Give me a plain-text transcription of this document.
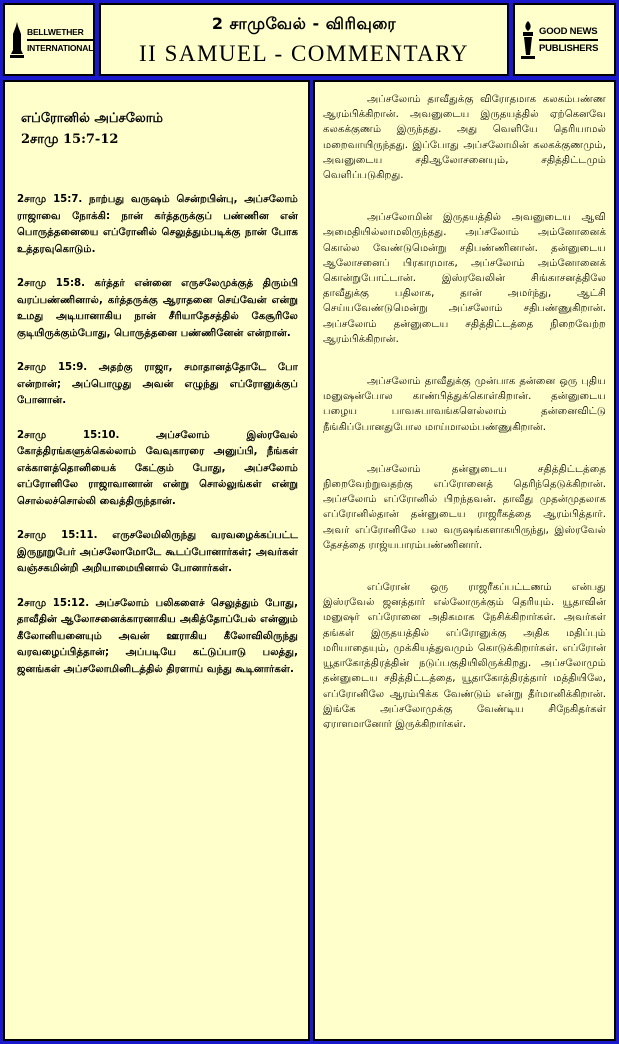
BELLWETHER
INTERNATIONAL
2 சாமுவேல் - விரிவுரை
II SAMUEL - COMMENTARY
GOOD NEWS
PUBLISHERS
எப்ரோனில் அப்சலோம்
2சாமு 15:7-12

2சாமு 15:7. நாற்பது வருஷம் சென்றபின்பு, அப்சலோம் ராஜாவை நோக்கி: நான் கர்த்தருக்குப் பண்ணின என் பொருத்தனையை எப்ரோனில் செலுத்தும்படிக்கு நான் போக உத்தரவுகொடும்.

2சாமு 15:8. கர்த்தர் என்னை எருசலேமுக்குத் திரும்பி வரப்பண்ணினால், கர்த்தருக்கு ஆராதனை செய்வேன் என்று உமது அடியானாகிய நான் சீரியாதேசத்தில் கேசூரிலே குடியிருக்கும்போது, பொருத்தனை பண்ணினேன் என்றான்.

2சாமு 15:9. அதற்கு ராஜா, சமாதானத்தோடே போ என்றான்; அப்பொழுது அவன் எழுந்து எப்ரோனுக்குப் போனான்.

2சாமு 15:10. அப்சலோம் இஸ்ரவேல் கோத்திரங்களுக்கெல்லாம் வேவுகாரரை அனுப்பி, நீங்கள் எக்காளத்தொனியைக் கேட்கும் போது, அப்சலோம் எப்ரோனிலே ராஜாவானான் என்று சொல்லுங்கள் என்று சொல்லச்சொல்லி வைத்திருந்தான்.

2சாமு 15:11. எருசலேமிலிருந்து வரவழைக்கப்பட்ட இருநூறுபேர் அப்சலோமோடே கூடப்போனார்கள்; அவர்கள் வஞ்சகமின்றி அறியாமையினால் போனார்கள்.

2சாமு 15:12. அப்சலோம் பலிகளைச் செலுத்தும் போது, தாவீதின் ஆலோசனைக்காரனாகிய அகித்தோப்பேல் என்னும் கீலோனியனையும் அவன் ஊராகிய கீலோவிலிருந்து வரவழைப்பித்தான்; அப்படியே கட்டுப்பாடு பலத்து, ஜனங்கள் அப்சலோமினிடத்தில் திரளாய் வந்து கூடினார்கள்.

அப்சலோம் தாவீதுக்கு விரோதமாக கலகம்பண்ண ஆரம்பிக்கிறான். அவனுடைய இருதயத்தில் ஏற்கெனவே கலகக்குணம் இருந்தது. அது வெளியே தெரியாமல் மறைவாயிருந்தது. இப்போது அப்சலோமின் கலகக்குணமும், அவனுடைய சதிஆலோசனையும், சதித்திட்டமும் வெளிப்படுகிறது.

அப்சலோமின் இருதயத்தில் அவனுடைய ஆவி அமைதியில்லாமலிருந்தது. அப்சலோம் அம்னோனைக் கொல்ல வேண்டுமென்று சதிபண்ணினான். தன்னுடைய ஆலோசனைப் பிரகாரமாக, அப்சலோம் அம்னோனைக் கொன்றுபோட்டான். இஸ்ரவேலின் சிங்காசனத்திலே தாவீதுக்கு பதிலாக, தான் அமர்ந்து, ஆட்சி செய்யவேண்டுமென்று அப்சலோம் சதிபண்ணுகிறான். அப்சலோம் தன்னுடைய சதித்திட்டத்தை நிறைவேற்ற ஆரம்பிக்கிறான்.

அப்சலோம் தாவீதுக்கு முன்பாக தன்னை ஒரு புதிய மனுஷன்போல காண்பித்துக்கொள்கிறான். தன்னுடைய பழைய பாவசுபாவங்களெல்லாம் தன்னைவிட்டு நீங்கிப்போனதுபோல மாய்மாலம்பண்ணுகிறான்.

அப்சலோம் தன்னுடைய சதித்திட்டத்தை நிறைவேற்றுவதற்கு எப்ரோனைத் தெரிந்தெடுக்கிறான். அப்சலோம் எப்ரோனில் பிறந்தவன். தாவீது முதன்முதலாக எப்ரோனில்தான் தன்னுடைய ராஜரீகத்தை ஆரம்பித்தார். அவர் எப்ரோனிலே பல வருஷங்களாகயிருந்து, இஸ்ரவேல் தேசத்தை ராஜ்யபாரம்பண்ணினார்.

எப்ரோன் ஒரு ராஜரீகப்பட்டணம் என்பது இஸ்ரவேல் ஜனத்தார் எல்லோருக்கும் தெரியும். யூதாவின் மனுஷர் எப்ரோனை அதிகமாக நேசிக்கிறார்கள். அவர்கள் தங்கள் இருதயத்தில் எப்ரோனுக்கு அதிக மதிப்பும் மரியாதையும், முக்கியத்துவமும் கொடுக்கிறார்கள். எப்ரோன் யூதாகோத்திரத்தின் நடுப்பகுதியிலிருக்கிறது. அப்சலோமும் தன்னுடைய சதித்திட்டத்தை, யூதாகோத்திரத்தார் மத்தியிலே, எப்ரோனிலே ஆரம்பிக்க வேண்டும் என்று தீர்மானிக்கிறான். இங்கே அப்சலோமுக்கு வேண்டிய சிநேகிதர்கள் ஏராளமானோர் இருக்கிறார்கள்.
